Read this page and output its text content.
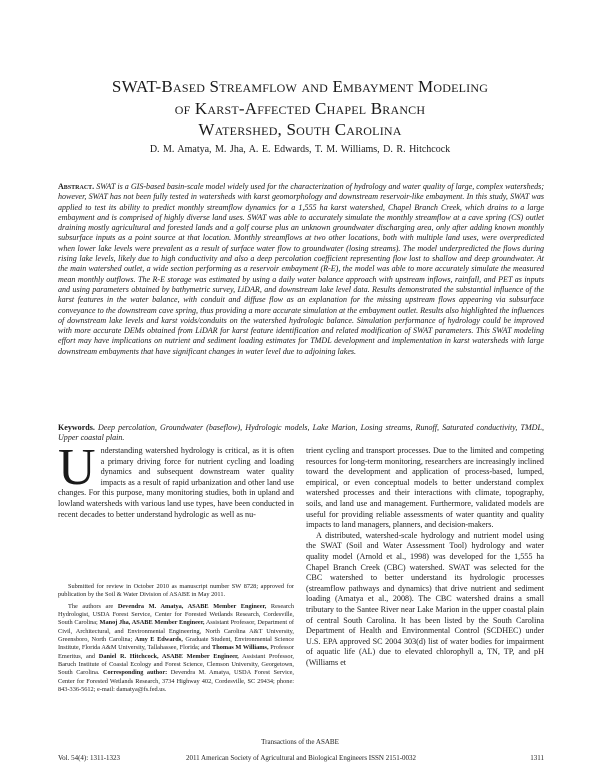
SWAT-Based Streamflow and Embayment Modeling
of Karst-Affected Chapel Branch
Watershed, South Carolina
D. M. Amatya, M. Jha, A. E. Edwards, T. M. Williams, D. R. Hitchcock
Abstract. SWAT is a GIS-based basin-scale model widely used for the characterization of hydrology and water quality of large, complex watersheds; however, SWAT has not been fully tested in watersheds with karst geomorphology and downstream reservoir-like embayment. In this study, SWAT was applied to test its ability to predict monthly streamflow dynamics for a 1,555 ha karst watershed, Chapel Branch Creek, which drains to a large embayment and is comprised of highly diverse land uses. SWAT was able to accurately simulate the monthly streamflow at a cave spring (CS) outlet draining mostly agricultural and forested lands and a golf course plus an unknown groundwater discharging area, only after adding known monthly subsurface inputs as a point source at that location. Monthly streamflows at two other locations, both with multiple land uses, were overpredicted when lower lake levels were prevalent as a result of surface water flow to groundwater (losing streams). The model underpredicted the flows during rising lake levels, likely due to high conductivity and also a deep percolation coefficient representing flow lost to shallow and deep groundwater. At the main watershed outlet, a wide section performing as a reservoir embayment (R-E), the model was able to more accurately simulate the measured mean monthly outflows. The R-E storage was estimated by using a daily water balance approach with upstream inflows, rainfall, and PET as inputs and using parameters obtained by bathymetric survey, LiDAR, and downstream lake level data. Results demonstrated the substantial influence of the karst features in the water balance, with conduit and diffuse flow as an explanation for the missing upstream flows appearing via subsurface conveyance to the downstream cave spring, thus providing a more accurate simulation at the embayment outlet. Results also highlighted the influences of downstream lake levels and karst voids/conduits on the watershed hydrologic balance. Simulation performance of hydrology could be improved with more accurate DEMs obtained from LiDAR for karst feature identification and related modification of SWAT parameters. This SWAT modeling effort may have implications on nutrient and sediment loading estimates for TMDL development and implementation in karst watersheds with large downstream embayments that have significant changes in water level due to adjoining lakes.
Keywords. Deep percolation, Groundwater (baseflow), Hydrologic models, Lake Marion, Losing streams, Runoff, Saturated conductivity, TMDL, Upper coastal plain.

Understanding watershed hydrology is critical, as it is often a primary driving force for nutrient cycling and loading dynamics and subsequent downstream water quality impacts as a result of rapid urbanization and other land use changes. For this purpose, many monitoring studies, both in upland and lowland watersheds with various land use types, have been conducted in recent decades to better understand hydrologic as well as nu-

Submitted for review in October 2010 as manuscript number SW 8728; approved for publication by the Soil & Water Division of ASABE in May 2011.

The authors are Devendra M. Amatya, ASABE Member Engineer, Research Hydrologist, USDA Forest Service, Center for Forested Wetlands Research, Cordesville, South Carolina; Manoj Jha, ASABE Member Engineer, Assistant Professor, Department of Civil, Architectural, and Environmental Engineering, North Carolina A&T University, Greensboro, North Carolina; Amy E Edwards, Graduate Student, Environmental Science Institute, Florida A&M University, Tallahassee, Florida; and Thomas M Williams, Professor Emeritus, and Daniel R. Hitchcock, ASABE Member Engineer, Assistant Professor, Baruch Institute of Coastal Ecology and Forest Science, Clemson University, Georgetown, South Carolina. Corresponding author: Devendra M. Amatya, USDA Forest Service, Center for Forested Wetlands Research, 3734 Highway 402, Cordesville, SC 29434; phone: 843-336-5612; e-mail: damatya@fs.fed.us.

trient cycling and transport processes. Due to the limited and competing resources for long-term monitoring, researchers are increasingly inclined toward the development and application of process-based, lumped, empirical, or even conceptual models to better understand complex watershed processes and their interactions with climate, topography, soils, and land use and management. Furthermore, validated models are useful for providing reliable assessments of water quantity and quality impacts to land managers, planners, and decision-makers.

A distributed, watershed-scale hydrology and nutrient model using the SWAT (Soil and Water Assessment Tool) hydrology and water quality model (Arnold et al., 1998) was developed for the 1,555 ha Chapel Branch Creek (CBC) watershed. SWAT was selected for the CBC watershed to better understand its hydrologic processes (streamflow pathways and dynamics) that drive nutrient and sediment loading (Amatya et al., 2008). The CBC watershed drains a small tributary to the Santee River near Lake Marion in the upper coastal plain of central South Carolina. It has been listed by the South Carolina Department of Health and Environmental Control (SCDHEC) under U.S. EPA approved SC 2004 303(d) list of water bodies for impairment of aquatic life (AL) due to elevated chlorophyll a, TN, TP, and pH (Williams et

Transactions of the ASABE
Vol. 54(4): 1311-1323	2011 American Society of Agricultural and Biological Engineers ISSN 2151-0032	1311
